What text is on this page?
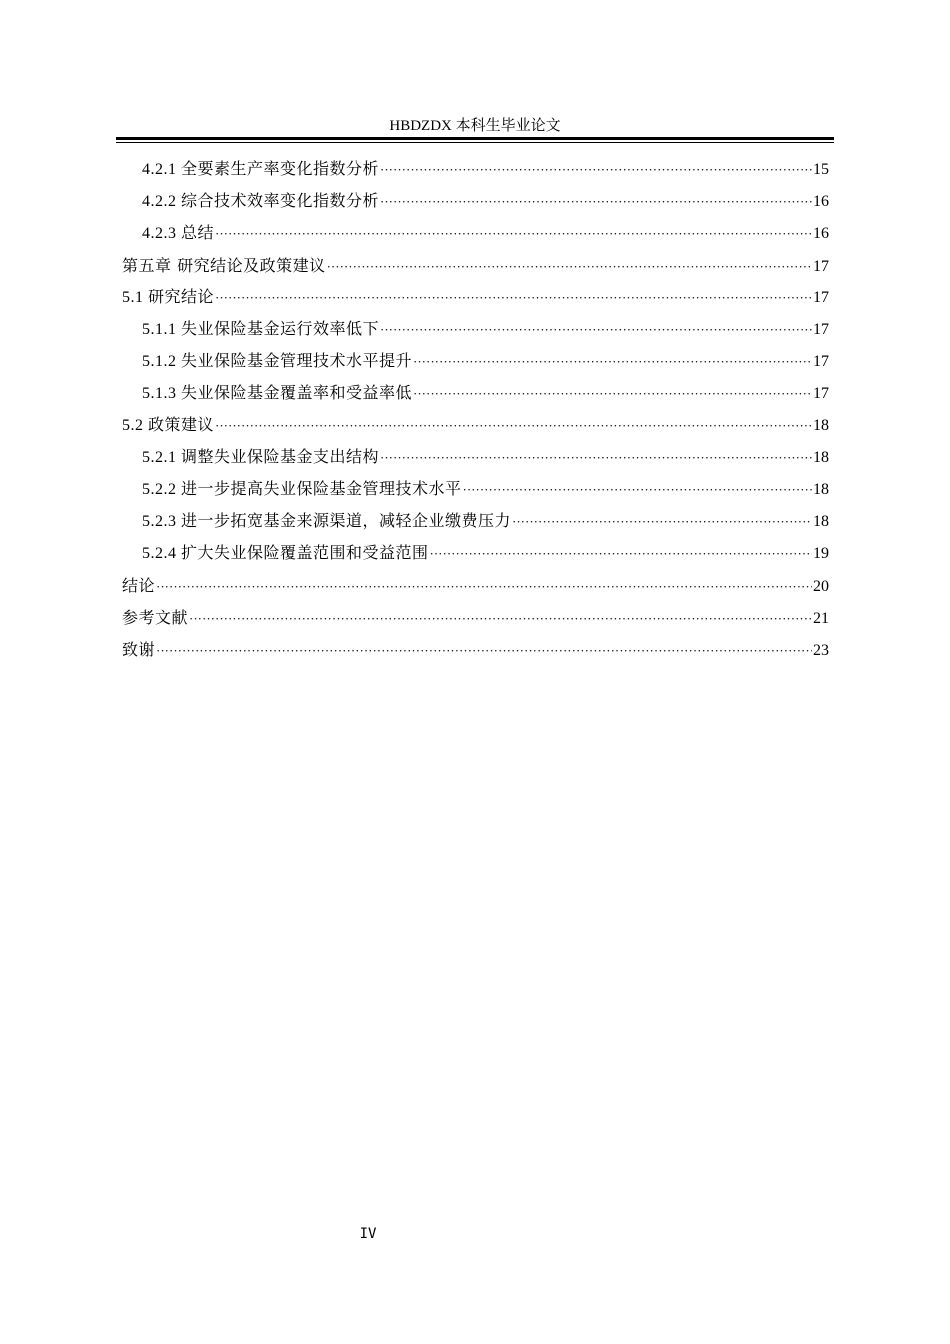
HBDZDX 本科生毕业论文
4.2.1 全要素生产率变化指数分析 ·····	15
4.2.2 综合技术效率变化指数分析 ·····	16
4.2.3 总结 ·····	16
第五章 研究结论及政策建议 ·····	17
5.1 研究结论 ·····	17
5.1.1 失业保险基金运行效率低下 ·····	17
5.1.2 失业保险基金管理技术水平提升 ·····	17
5.1.3 失业保险基金覆盖率和受益率低 ·····	17
5.2 政策建议 ·····	18
5.2.1 调整失业保险基金支出结构 ·····	18
5.2.2 进一步提高失业保险基金管理技术水平 ·····	18
5.2.3 进一步拓宽基金来源渠道，减轻企业缴费压力 ·····	18
5.2.4 扩大失业保险覆盖范围和受益范围 ·····	19
结论 ·····	20
参考文献 ·····	21
致谢 ·····	23
IV
